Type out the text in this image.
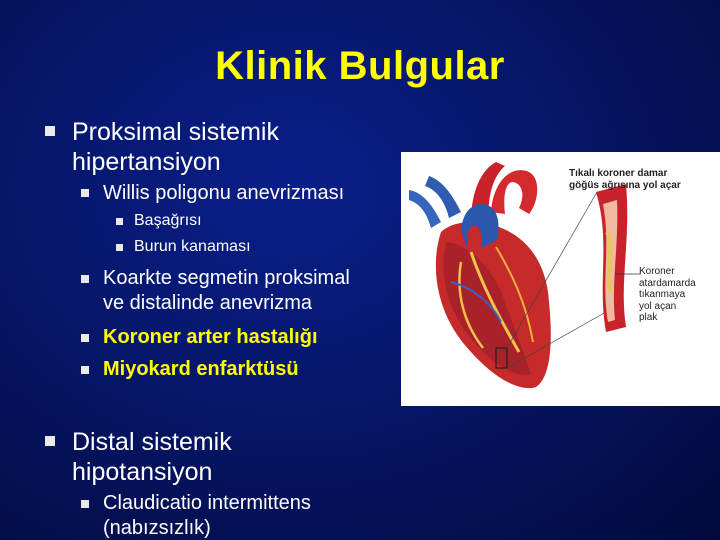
Klinik Bulgular
Proksimal sistemik
hipertansiyon
Willis poligonu anevrizması
Başağrısı
Burun kanaması
Koarkte segmetin proksimal
ve distalinde anevrizma
Koroner arter hastalığı
Miyokard enfarktüsü
Distal sistemik
hipotansiyon
Claudicatio intermittens
(nabızsızlık)
Tıkalı koroner damar
göğüs ağrısına yol açar
Koroner
atardamarda
tıkanmaya
yol açan
plak
